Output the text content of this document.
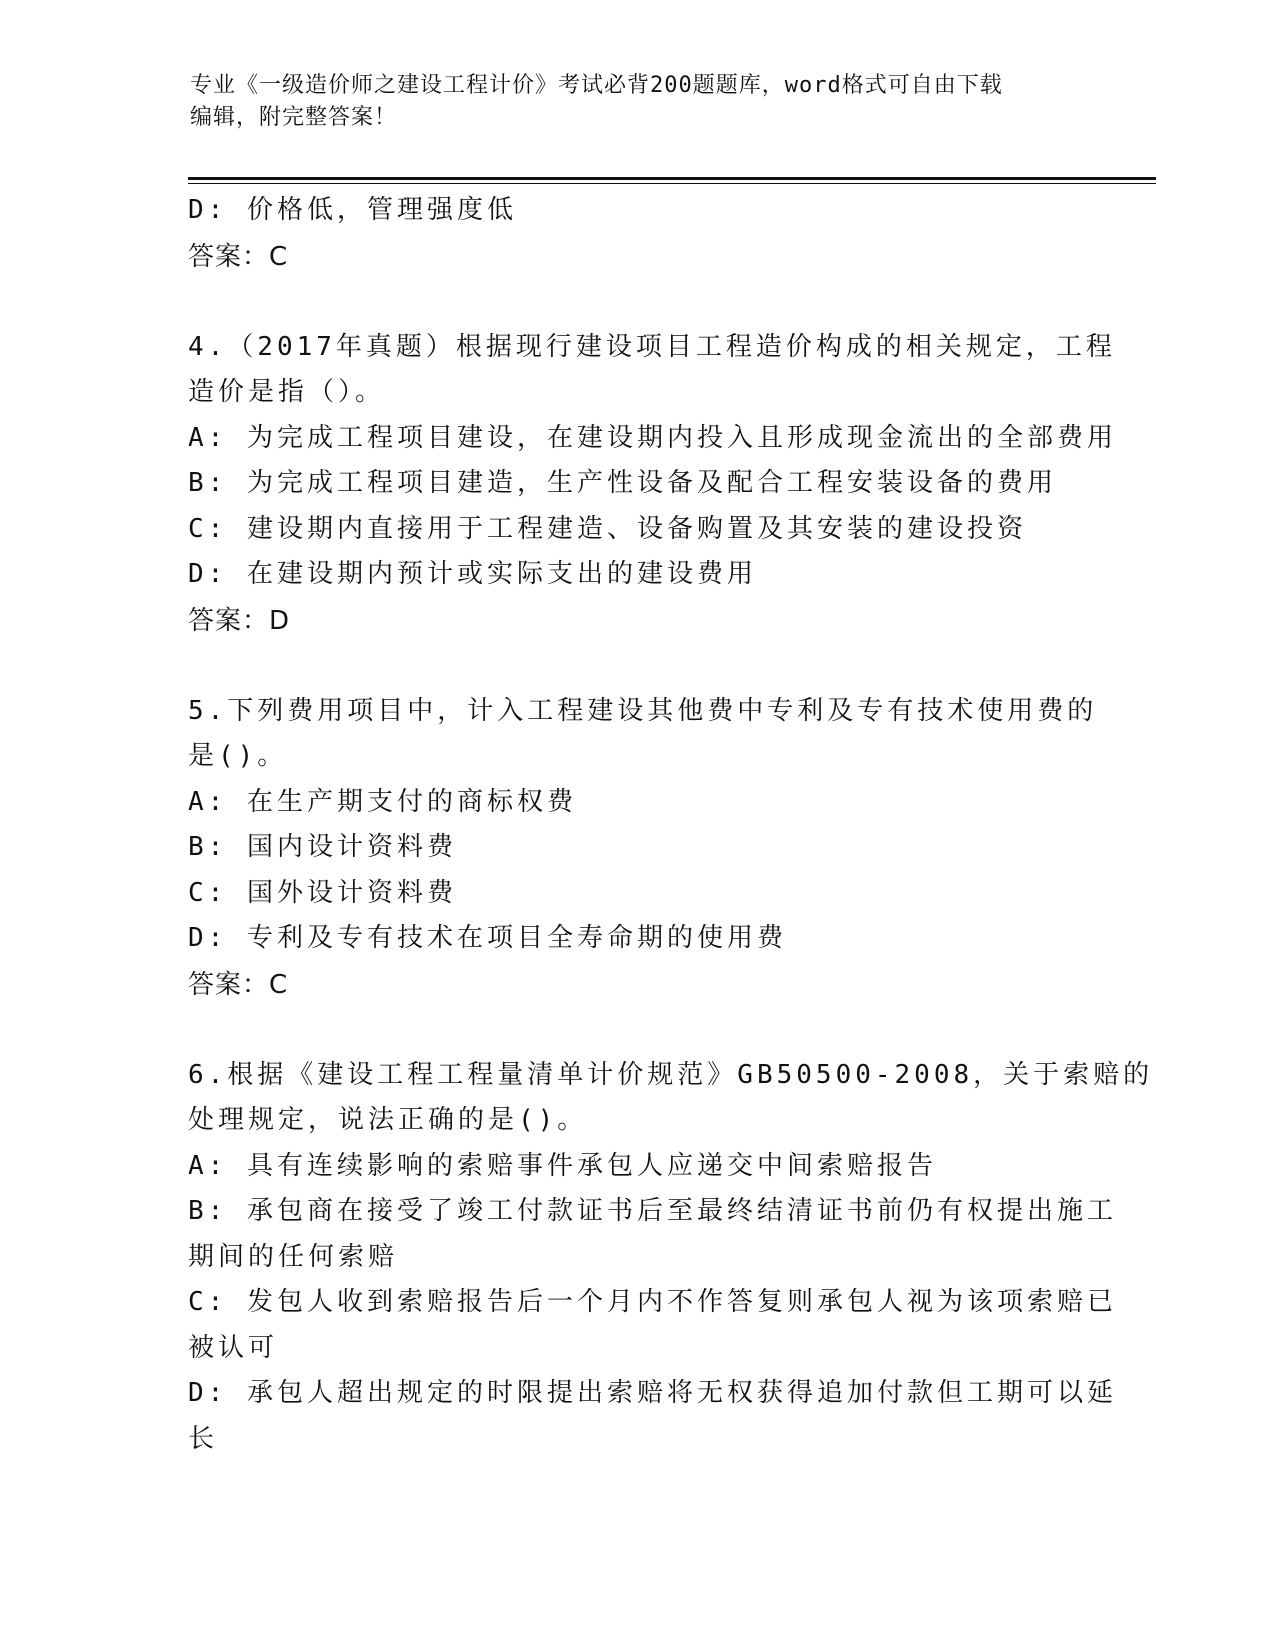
专业《一级造价师之建设工程计价》考试必背200题题库，word格式可自由下载
编辑，附完整答案！
D: 价格低，管理强度低
答案：C
4.（2017年真题）根据现行建设项目工程造价构成的相关规定，工程
造价是指（）。
A: 为完成工程项目建设，在建设期内投入且形成现金流出的全部费用
B: 为完成工程项目建造，生产性设备及配合工程安装设备的费用
C: 建设期内直接用于工程建造、设备购置及其安装的建设投资
D: 在建设期内预计或实际支出的建设费用
答案：D
5.下列费用项目中，计入工程建设其他费中专利及专有技术使用费的
是()。
A: 在生产期支付的商标权费
B: 国内设计资料费
C: 国外设计资料费
D: 专利及专有技术在项目全寿命期的使用费
答案：C
6.根据《建设工程工程量清单计价规范》GB50500-2008，关于索赔的
处理规定，说法正确的是()。
A: 具有连续影响的索赔事件承包人应递交中间索赔报告
B: 承包商在接受了竣工付款证书后至最终结清证书前仍有权提出施工
期间的任何索赔
C: 发包人收到索赔报告后一个月内不作答复则承包人视为该项索赔已
被认可
D: 承包人超出规定的时限提出索赔将无权获得追加付款但工期可以延
长
